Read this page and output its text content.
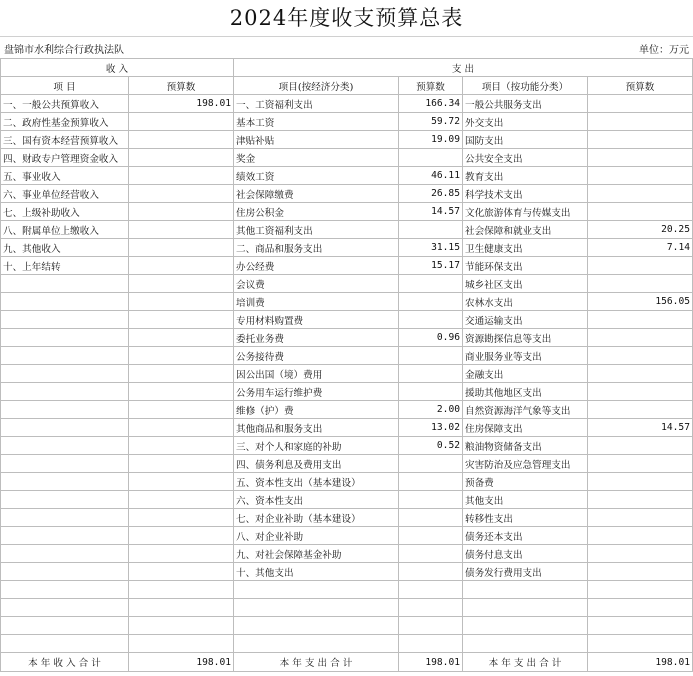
2024年度收支预算总表
盘锦市水利综合行政执法队	单位：万元
收 入		支 出			
项 目	预算数	项目(按经济分类)	预算数	项目（按功能分类）	预算数
一、一般公共预算收入	198.01	一、工资福利支出	166.34	一般公共服务支出	
二、政府性基金预算收入		基本工资	59.72	外交支出	
三、国有资本经营预算收入		津贴补贴	19.09	国防支出	
四、财政专户管理资金收入		奖金		公共安全支出	
五、事业收入		绩效工资	46.11	教育支出	
六、事业单位经营收入		社会保障缴费	26.85	科学技术支出	
七、上级补助收入		住房公积金	14.57	文化旅游体育与传媒支出	
八、附属单位上缴收入		其他工资福利支出		社会保障和就业支出	20.25
九、其他收入		二、商品和服务支出	31.15	卫生健康支出	7.14
十、上年结转		办公经费	15.17	节能环保支出	
		会议费		城乡社区支出	
		培训费		农林水支出	156.05
		专用材料购置费		交通运输支出	
		委托业务费	0.96	资源勘探信息等支出	
		公务接待费		商业服务业等支出	
		因公出国（境）费用		金融支出	
		公务用车运行维护费		援助其他地区支出	
		维修（护）费	2.00	自然资源海洋气象等支出	
		其他商品和服务支出	13.02	住房保障支出	14.57
		三、对个人和家庭的补助	0.52	粮油物资储备支出	
		四、债务利息及费用支出		灾害防治及应急管理支出	
		五、资本性支出（基本建设）		预备费	
		六、资本性支出		其他支出	
		七、对企业补助（基本建设）		转移性支出	
		八、对企业补助		债务还本支出	
		九、对社会保障基金补助		债务付息支出	
		十、其他支出		债务发行费用支出	

本 年 收 入 合 计	198.01	本 年 支 出 合 计	198.01	本 年 支 出 合 计	198.01
